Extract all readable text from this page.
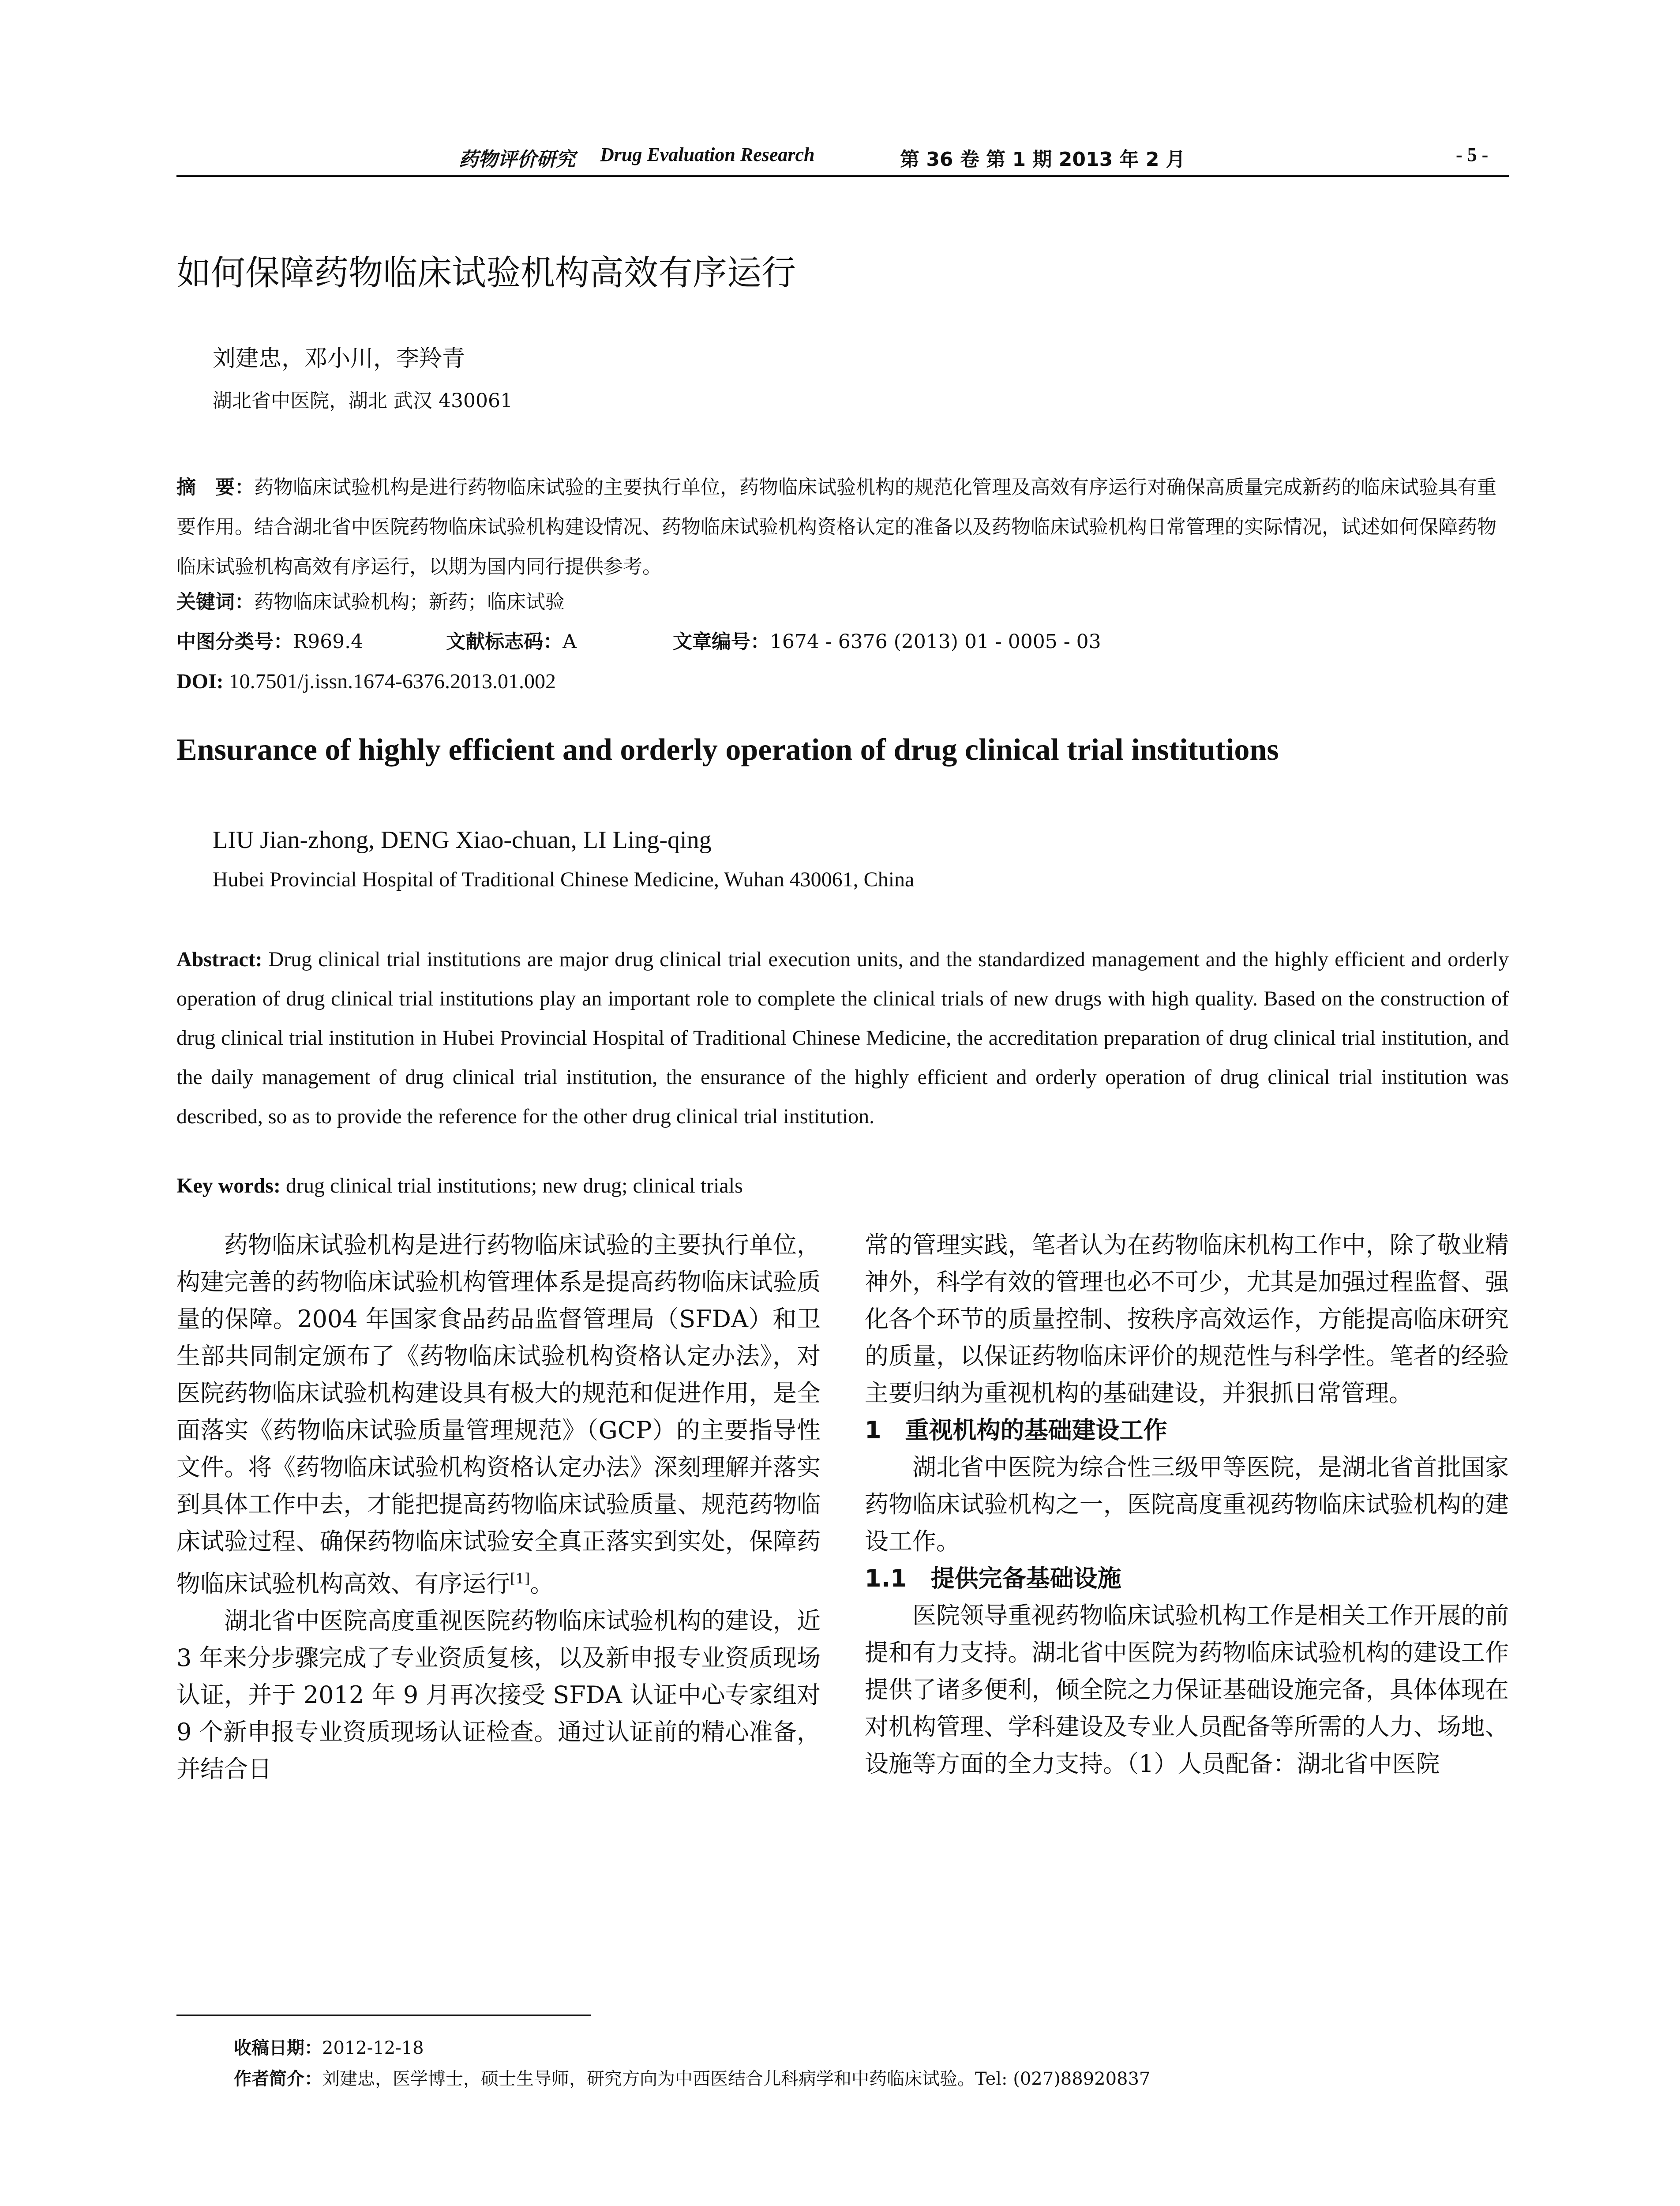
药物评价研究 Drug Evaluation Research	第 36 卷 第 1 期 2013 年 2 月	- 5 -
如何保障药物临床试验机构高效有序运行
刘建忠，邓小川，李羚青
湖北省中医院，湖北 武汉 430061
摘　要：药物临床试验机构是进行药物临床试验的主要执行单位，药物临床试验机构的规范化管理及高效有序运行对确保高质量完成新药的临床试验具有重要作用。结合湖北省中医院药物临床试验机构建设情况、药物临床试验机构资格认定的准备以及药物临床试验机构日常管理的实际情况，试述如何保障药物临床试验机构高效有序运行，以期为国内同行提供参考。
关键词：药物临床试验机构；新药；临床试验
中图分类号：R969.4	文献标志码：A	文章编号：1674 - 6376 (2013) 01 - 0005 - 03
DOI: 10.7501/j.issn.1674-6376.2013.01.002
Ensurance of highly efficient and orderly operation of drug clinical trial institutions
LIU Jian-zhong, DENG Xiao-chuan, LI Ling-qing
Hubei Provincial Hospital of Traditional Chinese Medicine, Wuhan 430061, China
Abstract: Drug clinical trial institutions are major drug clinical trial execution units, and the standardized management and the highly efficient and orderly operation of drug clinical trial institutions play an important role to complete the clinical trials of new drugs with high quality. Based on the construction of drug clinical trial institution in Hubei Provincial Hospital of Traditional Chinese Medicine, the accreditation preparation of drug clinical trial institution, and the daily management of drug clinical trial institution, the ensurance of the highly efficient and orderly operation of drug clinical trial institution was described, so as to provide the reference for the other drug clinical trial institution.
Key words: drug clinical trial institutions; new drug; clinical trials

药物临床试验机构是进行药物临床试验的主要执行单位，构建完善的药物临床试验机构管理体系是提高药物临床试验质量的保障。2004 年国家食品药品监督管理局（SFDA）和卫生部共同制定颁布了《药物临床试验机构资格认定办法》，对医院药物临床试验机构建设具有极大的规范和促进作用，是全面落实《药物临床试验质量管理规范》（GCP）的主要指导性文件。将《药物临床试验机构资格认定办法》深刻理解并落实到具体工作中去，才能把提高药物临床试验质量、规范药物临床试验过程、确保药物临床试验安全真正落实到实处，保障药物临床试验机构高效、有序运行[1]。

湖北省中医院高度重视医院药物临床试验机构的建设，近 3 年来分步骤完成了专业资质复核，以及新申报专业资质现场认证，并于 2012 年 9 月再次接受 SFDA 认证中心专家组对 9 个新申报专业资质现场认证检查。通过认证前的精心准备，并结合日

常的管理实践，笔者认为在药物临床机构工作中，除了敬业精神外，科学有效的管理也必不可少，尤其是加强过程监督、强化各个环节的质量控制、按秩序高效运作，方能提高临床研究的质量，以保证药物临床评价的规范性与科学性。笔者的经验主要归纳为重视机构的基础建设，并狠抓日常管理。

1　重视机构的基础建设工作

湖北省中医院为综合性三级甲等医院，是湖北省首批国家药物临床试验机构之一，医院高度重视药物临床试验机构的建设工作。

1.1　提供完备基础设施

医院领导重视药物临床试验机构工作是相关工作开展的前提和有力支持。湖北省中医院为药物临床试验机构的建设工作提供了诸多便利，倾全院之力保证基础设施完备，具体体现在对机构管理、学科建设及专业人员配备等所需的人力、场地、设施等方面的全力支持。（1）人员配备：湖北省中医院

收稿日期：2012-12-18
作者简介：刘建忠，医学博士，硕士生导师，研究方向为中西医结合儿科病学和中药临床试验。Tel: (027)88920837
